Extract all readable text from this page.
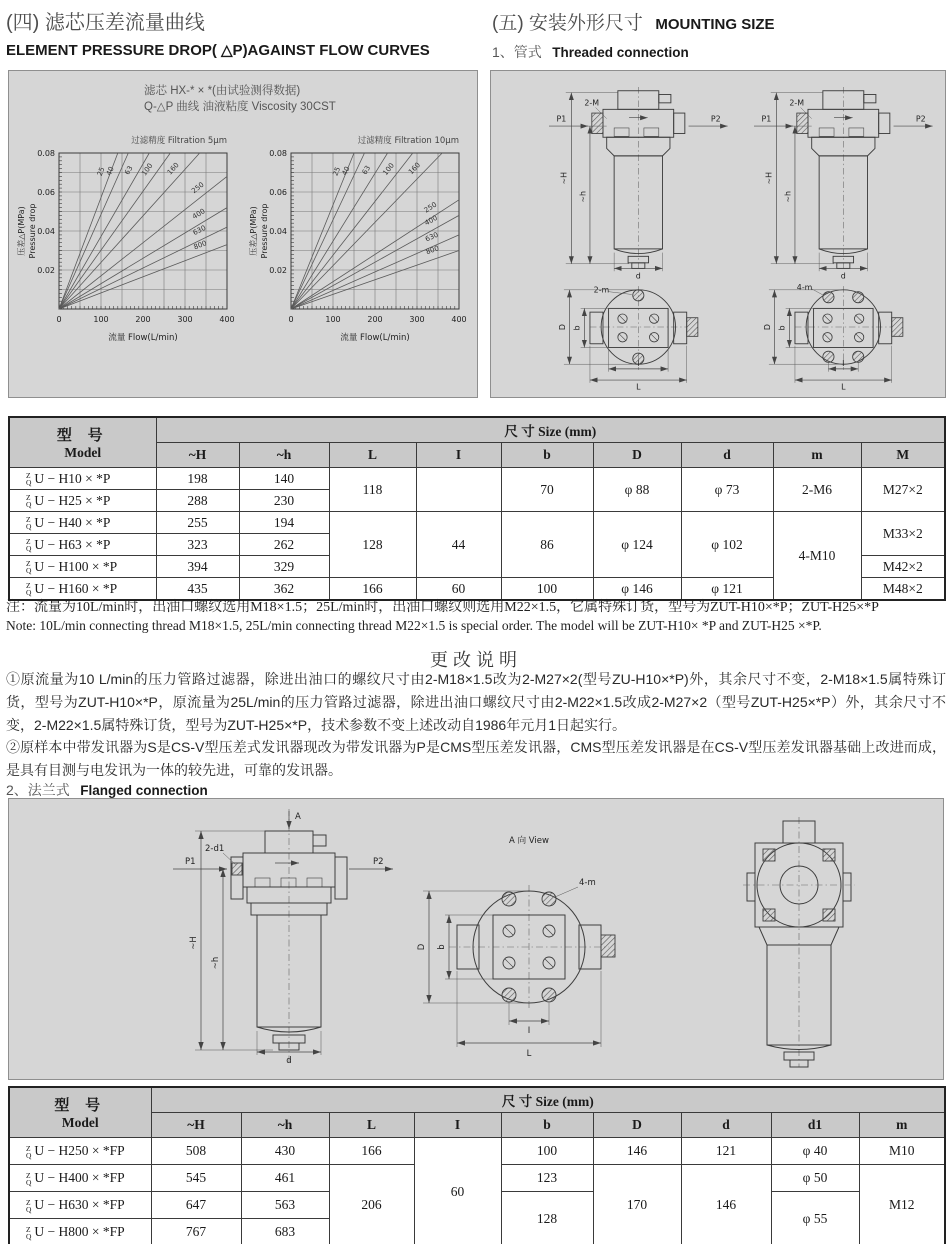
(四) 滤芯压差流量曲线
ELEMENT PRESSURE DROP( △P)AGAINST FLOW CURVES
(五) 安装外形尺寸 MOUNTING SIZE
1、管式 Threaded connection
滤芯 HX-* × *(由试验测得数据)
Q-△P 曲线 油液粘度 Viscosity 30CST
25
40 63 100 160
250
400
630
800
0	100	200	300	400
0.02
0.04
0.06
0.08
过滤精度 Filtration 5μm
流量 Flow(L/min)
压差△P(MPa) Pressure drop
25
40 63 100 160
250
400
630
800
0	100	200	300	400
0.02
0.04
0.06
0.08
过滤精度 Filtration 10μm
流量 Flow(L/min)
压差△P(MPa) Pressure drop
P1	P2
2-M
~H
~h
d
2-m
D b
l
L
P1	P2
2-M
~H
~h
d
4-m
D b
I
L
型 号
Model	尺 寸 Size (mm)								
	~H	~h	L	I	b	D	d	m	M

Z
Q U − H10 × *P	198	140	118		70	φ 88	φ 73	2-M6	M27×2

Z
Q U − H25 × *P	288	230							

Z
Q U − H40 × *P	255	194	128	44	86	φ 124	φ 102	4-M10	M33×2

Z
Q U − H63 × *P	323	262							

Z
Q U − H100 × *P	394	329							M42×2

Z
Q U − H160 × *P	435	362	166	60	100	φ 146	φ 121		M48×2
注：流量为10L/min时，出油口螺纹选用M18×1.5；25L/min时，出油口螺纹则选用M22×1.5，它属特殊订货，型号为ZUT-H10×*P；ZUT-H25×*P
Note: 10L/min connecting thread M18×1.5, 25L/min connecting thread M22×1.5 is special order. The model will be ZUT-H10× *P and ZUT-H25 ×*P.
更改说明
①原流量为10 L/min的压力管路过滤器，除进出油口的螺纹尺寸由2-M18×1.5改为2-M27×2(型号ZU-H10×*P)外，其余尺寸不变，2-M18×1.5属特殊订货，型号为ZUT-H10×*P，原流量为25L/min的压力管路过滤器，除进出油口螺纹尺寸由2-M22×1.5改成2-M27×2（型号ZUT-H25×*P）外，其余尺寸不变，2-M22×1.5属特殊订货，型号为ZUT-H25×*P，技术参数不变上述改动自1986年元月1日起实行。
②原样本中带发讯器为S是CS-V型压差式发讯器现改为带发讯器为P是CMS型压差发讯器，CMS型压差发讯器是在CS-V型压差发讯器基础上改进而成，是具有目测与电发讯为一体的较先进，可靠的发讯器。
2、法兰式 Flanged connection
A
P1	P2
2-d1
~H
~h
d
A 向 View
4-m
D b
I
L
型 号
Model	尺 寸 Size (mm)								
	~H	~h	L	I	b	D	d	d1	m

Z
Q U − H250 × *FP	508	430	166	60	100	146	121	φ 40	M10

Z
Q U − H400 × *FP	545	461	206		123	170	146	φ 50	M12

Z
Q U − H630 × *FP	647	563			128			φ 55	

Z
Q U − H800 × *FP	767	683							
